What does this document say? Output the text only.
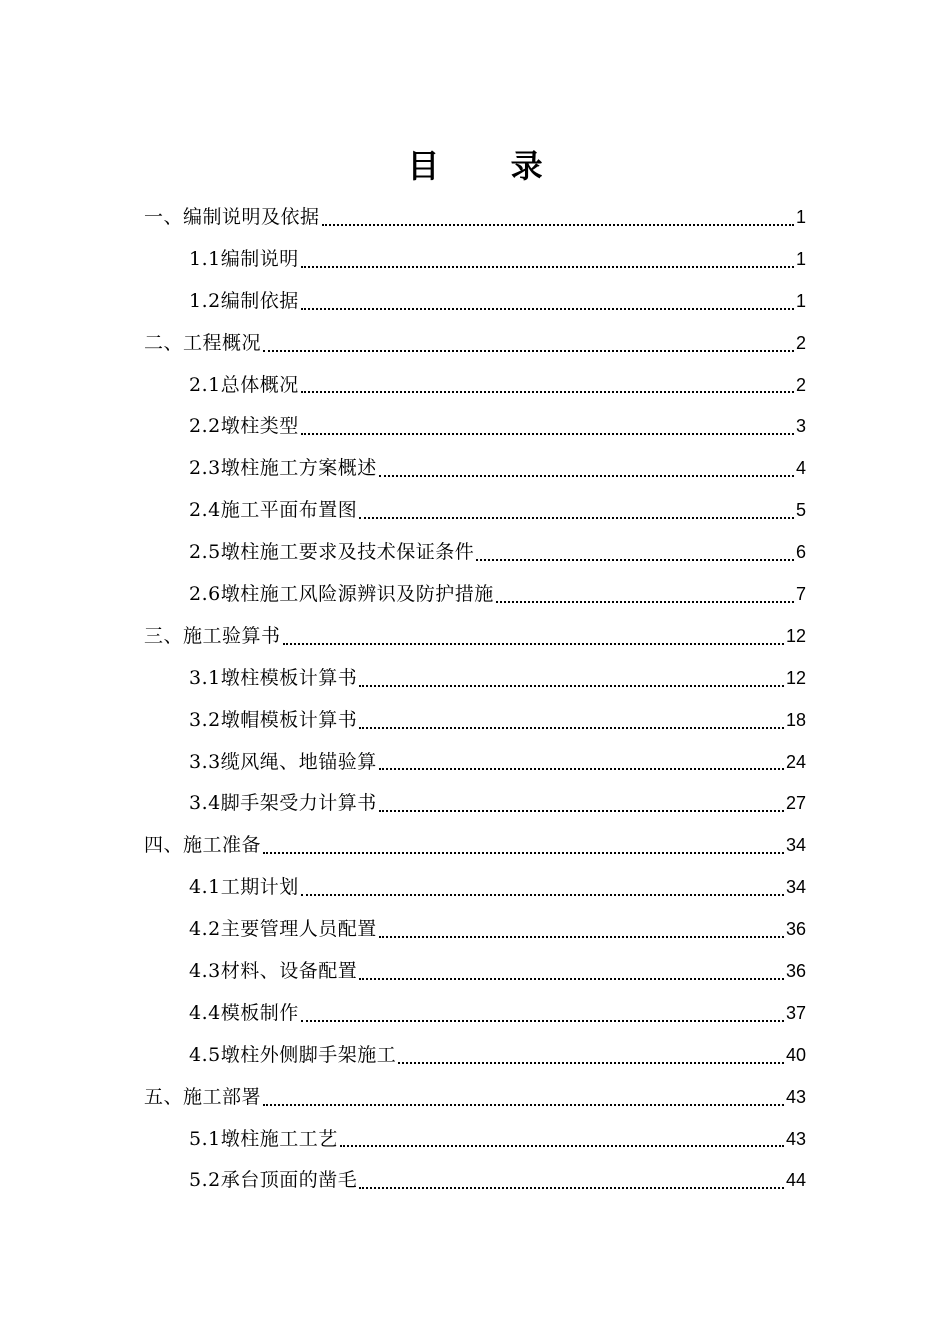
目 录
一、编制说明及依据	1
1.1编制说明	1
1.2编制依据	1
二、工程概况	2
2.1总体概况	2
2.2墩柱类型	3
2.3墩柱施工方案概述	4
2.4施工平面布置图	5
2.5墩柱施工要求及技术保证条件	6
2.6墩柱施工风险源辨识及防护措施	7
三、施工验算书	12
3.1墩柱模板计算书	12
3.2墩帽模板计算书	18
3.3缆风绳、地锚验算	24
3.4脚手架受力计算书	27
四、施工准备	34
4.1工期计划	34
4.2主要管理人员配置	36
4.3材料、设备配置	36
4.4模板制作	37
4.5墩柱外侧脚手架施工	40
五、施工部署	43
5.1墩柱施工工艺	43
5.2承台顶面的凿毛	44
